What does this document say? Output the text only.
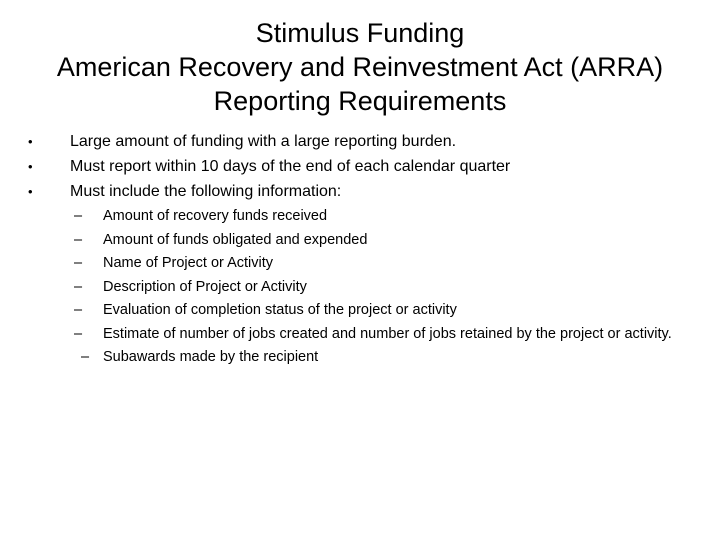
Stimulus Funding
American Recovery and Reinvestment Act (ARRA)
Reporting Requirements
• Large amount of funding with a large reporting burden.
• Must report within 10 days of the end of each calendar quarter
• Must include the following information:
– Amount of recovery funds received
– Amount of funds obligated and expended
– Name of Project or Activity
– Description of Project or Activity
– Evaluation of completion status of the project or activity
– Estimate of number of jobs created and number of jobs retained by the project or activity.
– Subawards made by the recipient
